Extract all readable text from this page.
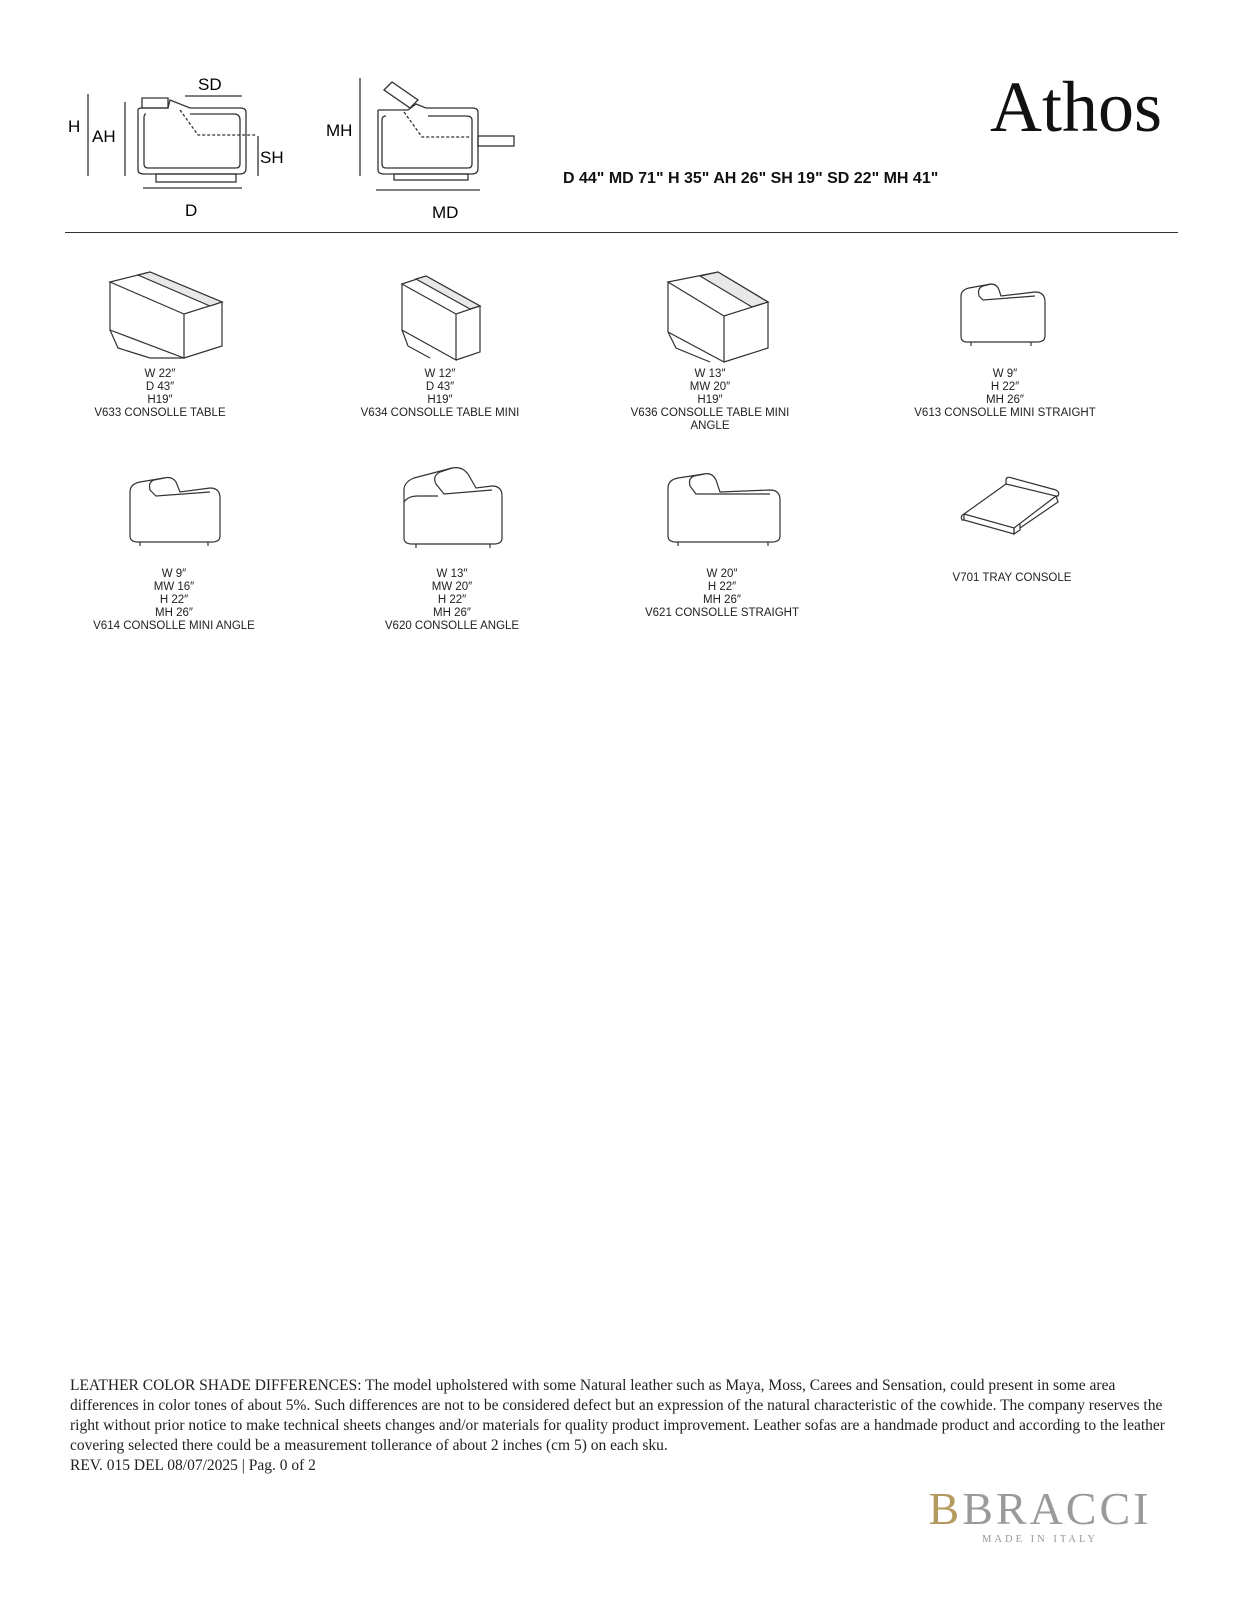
SD
H
AH
SH
D
MH
MD
Athos
D 44" MD 71" H 35" AH 26" SH 19" SD 22" MH 41"
W 22″
D 43″
H19″
V633 CONSOLLE TABLE
W 12″
D 43″
H19″
V634 CONSOLLE TABLE MINI
W 13″
MW 20″
H19″
V636 CONSOLLE TABLE MINI ANGLE
W 9″
H 22″
MH 26″
V613 CONSOLLE MINI STRAIGHT
W 9″
MW 16″
H 22″
MH 26″
V614 CONSOLLE MINI ANGLE
W 13″
MW 20″
H 22″
MH 26″
V620 CONSOLLE ANGLE
W 20″
H 22″
MH 26″
V621 CONSOLLE STRAIGHT
V701 TRAY CONSOLE
LEATHER COLOR SHADE DIFFERENCES: The model upholstered with some Natural leather such as Maya, Moss, Carees and Sensation, could present in some area differences in color tones of about 5%. Such differences are not to be considered defect but an expression of the natural characteristic of the cowhide. The company reserves the right without prior notice to make technical sheets changes and/or materials for quality product improvement. Leather sofas are a handmade product and according to the leather covering selected there could be a measurement tollerance of about 2 inches (cm 5) on each sku.
REV. 015 DEL 08/07/2025 | Pag. 0 of 2
BBRACCI
MADE IN ITALY
